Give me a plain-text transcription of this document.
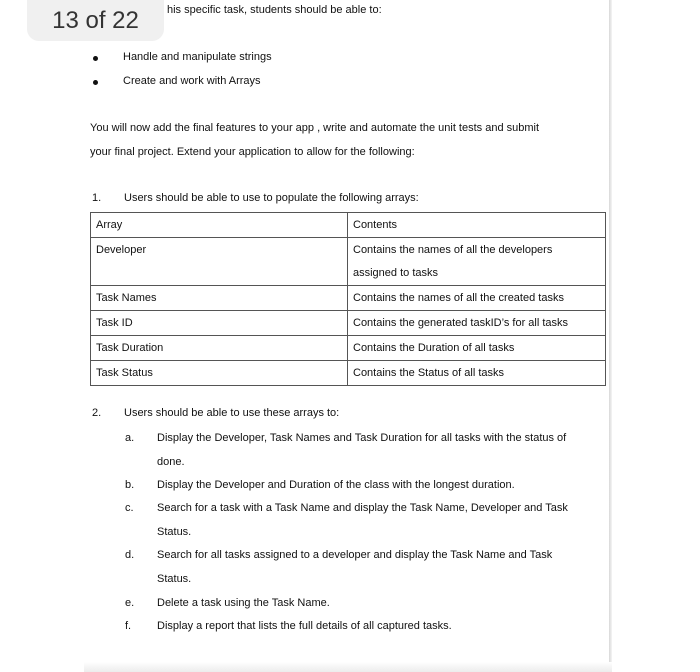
13 of 22	his specific task, students should be able to:
Handle and manipulate strings
Create and work with Arrays
You will now add the final features to your app , write and automate the unit tests and submit
your final project. Extend your application to allow for the following:
1. Users should be able to use to populate the following arrays:
Array	Contents
Developer	Contains the names of all the developers
assigned to tasks

Task Names	Contains the names of all the created tasks
Task ID	Contains the generated taskID’s for all tasks
Task Duration	Contains the Duration of all tasks
Task Status	Contains the Status of all tasks
2. Users should be able to use these arrays to:
a. Display the Developer, Task Names and Task Duration for all tasks with the status of
done.
b. Display the Developer and Duration of the class with the longest duration.
c. Search for a task with a Task Name and display the Task Name, Developer and Task
Status.
d. Search for all tasks assigned to a developer and display the Task Name and Task
Status.
e. Delete a task using the Task Name.
f. Display a report that lists the full details of all captured tasks.
